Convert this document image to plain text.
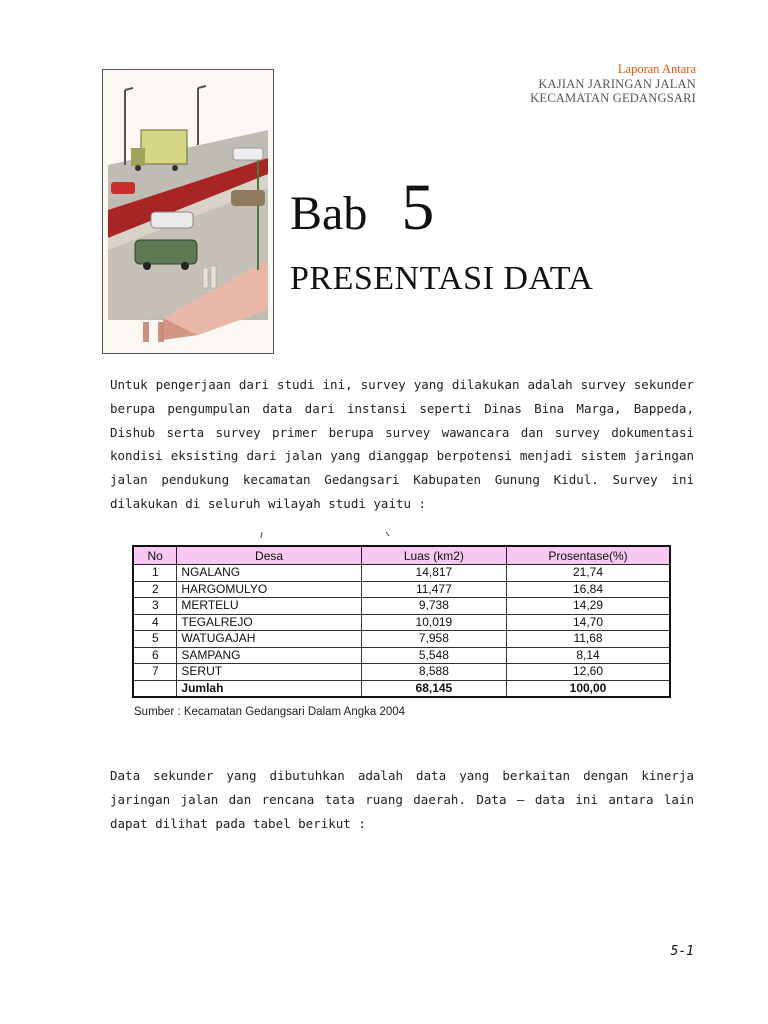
Laporan Antara
KAJIAN JARINGAN JALAN
KECAMATAN GEDANGSARI
Bab 5
PRESENTASI DATA
Untuk pengerjaan dari studi ini, survey yang dilakukan adalah survey sekunder berupa pengumpulan data dari instansi seperti Dinas Bina Marga, Bappeda, Dishub serta survey primer berupa survey wawancara dan survey dokumentasi kondisi eksisting dari jalan yang dianggap berpotensi menjadi sistem jaringan jalan pendukung kecamatan Gedangsari Kabupaten Gunung Kidul. Survey ini dilakukan di seluruh wilayah studi yaitu :
No	Desa	Luas (km2)	Prosentase(%)
1	NGALANG	14,817	21,74
2	HARGOMULYO	11,477	16,84
3	MERTELU	9,738	14,29
4	TEGALREJO	10,019	14,70
5	WATUGAJAH	7,958	11,68
6	SAMPANG	5,548	8,14
7	SERUT	8,588	12,60
	Jumlah	68,145	100,00
Sumber : Kecamatan Gedangsari Dalam Angka 2004
Data sekunder yang dibutuhkan adalah data yang berkaitan dengan kinerja jaringan jalan dan rencana tata ruang daerah. Data – data ini antara lain dapat dilihat pada tabel berikut :
5-1
